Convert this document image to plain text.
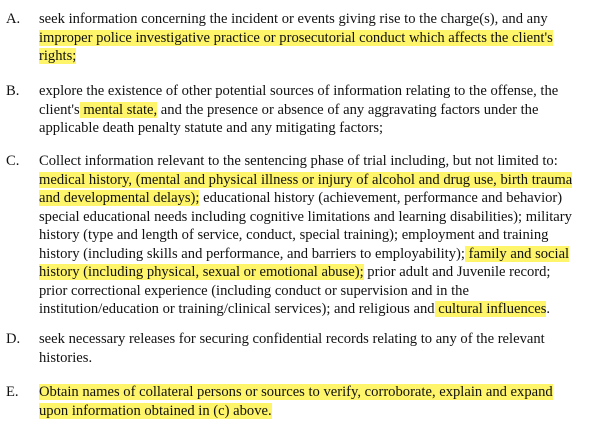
A. seek information concerning the incident or events giving rise to the charge(s), and any
improper police investigative practice or prosecutorial conduct which affects the client's
rights;
B. explore the existence of other potential sources of information relating to the offense, the
client's mental state, and the presence or absence of any aggravating factors under the
applicable death penalty statute and any mitigating factors;
C. Collect information relevant to the sentencing phase of trial including, but not limited to:
medical history, (mental and physical illness or injury of alcohol and drug use, birth trauma
and developmental delays); educational history (achievement, performance and behavior)
special educational needs including cognitive limitations and learning disabilities); military
history (type and length of service, conduct, special training); employment and training
history (including skills and performance, and barriers to employability); family and social
history (including physical, sexual or emotional abuse); prior adult and Juvenile record;
prior correctional experience (including conduct or supervision and in the
institution/education or training/clinical services); and religious and cultural influences.
D. seek necessary releases for securing confidential records relating to any of the relevant
histories.
E. Obtain names of collateral persons or sources to verify, corroborate, explain and expand
upon information obtained in (c) above.
